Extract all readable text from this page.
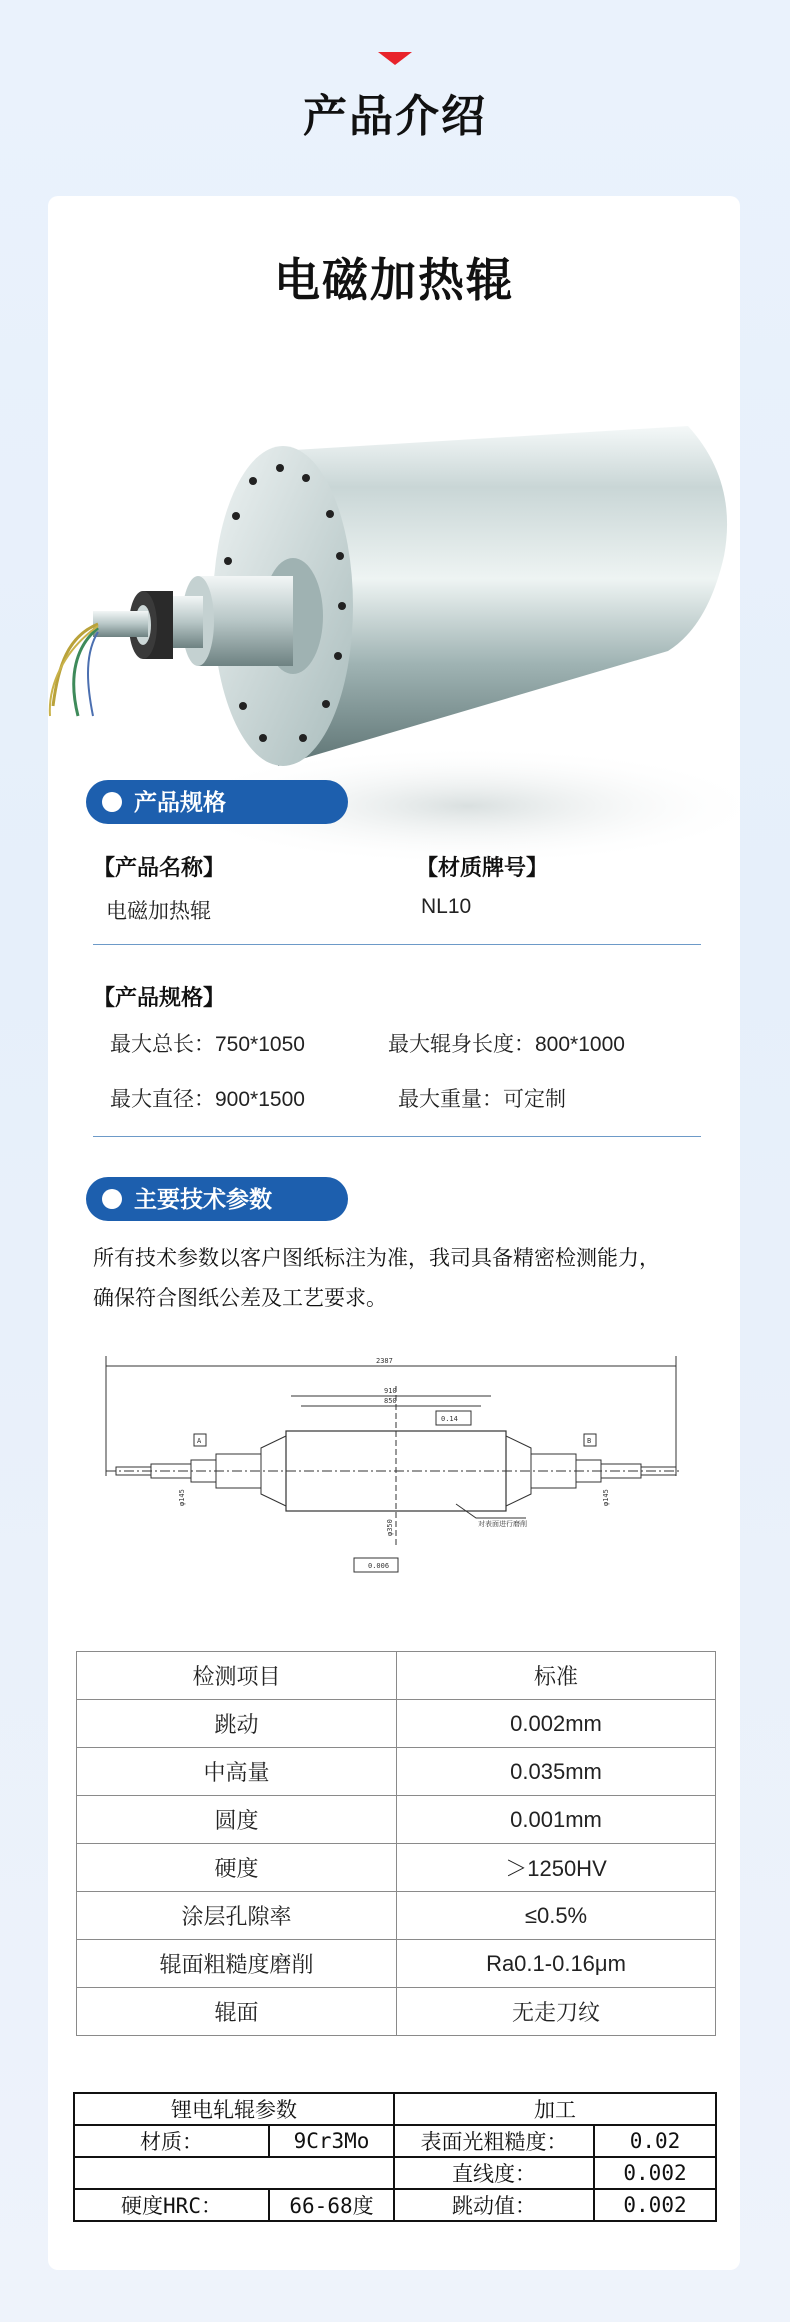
产品介绍
电磁加热辊
产品规格
【产品名称】
电磁加热辊
【材质牌号】
NL10
【产品规格】
最大总长：750*1050	最大辊身长度：800*1000
最大直径：900*1500	最大重量：可定制
主要技术参数
所有技术参数以客户图纸标注为准，我司具备精密检测能力，
确保符合图纸公差及工艺要求。
2387
910
850
0.14
A	B
φ145	φ145
φ350	对表面进行磨削
0.006
检测项目	标准
跳动	0.002mm
中高量	0.035mm
圆度	0.001mm
硬度	＞1250HV
涂层孔隙率	≤0.5%
辊面粗糙度磨削	Ra0.1-0.16μm
辊面	无走刀纹
锂电轧辊参数		加工	
材质：	9Cr3Mo	表面光粗糙度：	0.02
		直线度：	0.002
硬度HRC：	66-68度	跳动值：	0.002
